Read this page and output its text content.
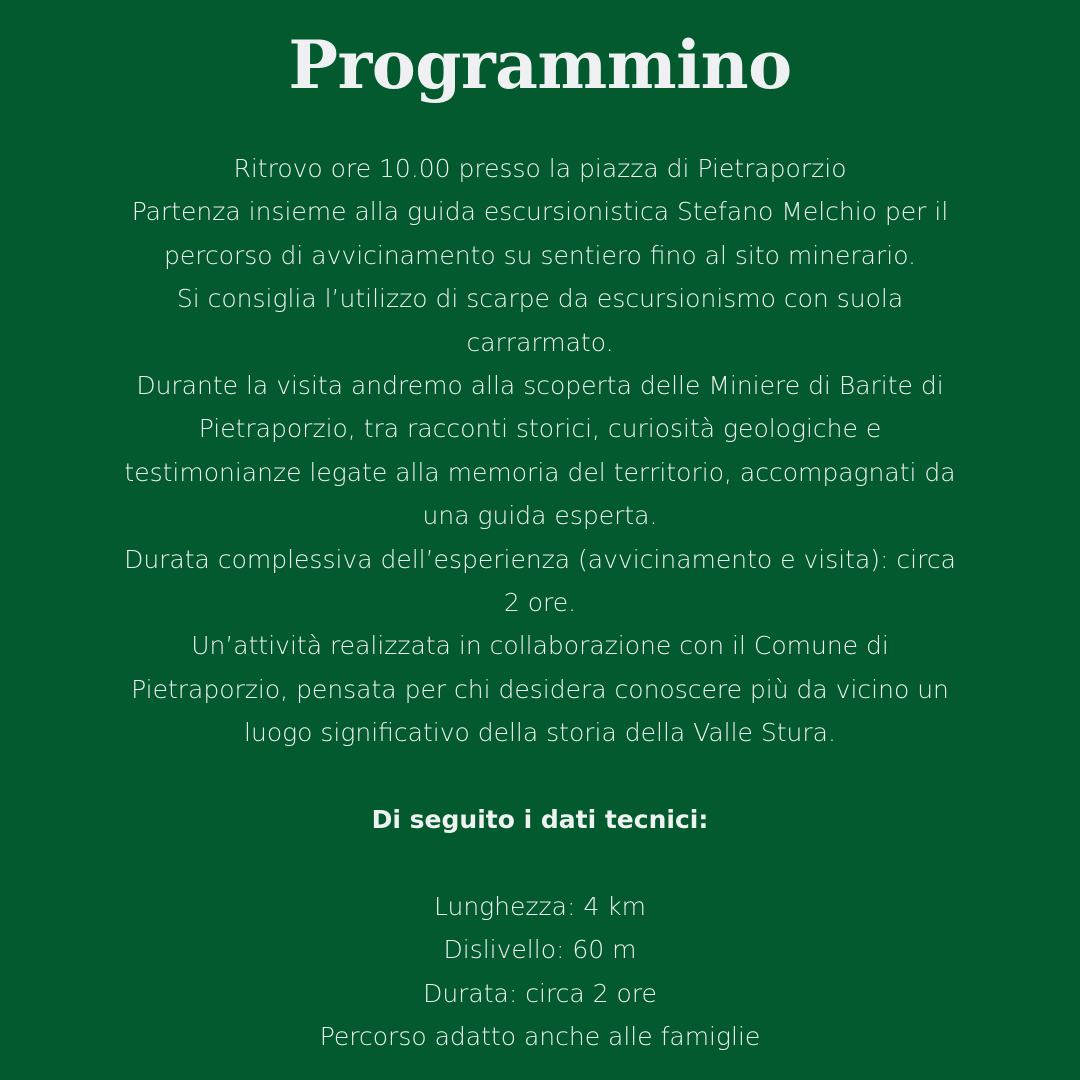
Programmino
Ritrovo ore 10.00 presso la piazza di Pietraporzio
Partenza insieme alla guida escursionistica Stefano Melchio per il
percorso di avvicinamento su sentiero fino al sito minerario.
Si consiglia l’utilizzo di scarpe da escursionismo con suola
carrarmato.
Durante la visita andremo alla scoperta delle Miniere di Barite di
Pietraporzio, tra racconti storici, curiosità geologiche e
testimonianze legate alla memoria del territorio, accompagnati da
una guida esperta.
Durata complessiva dell’esperienza (avvicinamento e visita): circa
2 ore.
Un’attività realizzata in collaborazione con il Comune di
Pietraporzio, pensata per chi desidera conoscere più da vicino un
luogo significativo della storia della Valle Stura.
Di seguito i dati tecnici:
Lunghezza: 4 km
Dislivello: 60 m
Durata: circa 2 ore
Percorso adatto anche alle famiglie
